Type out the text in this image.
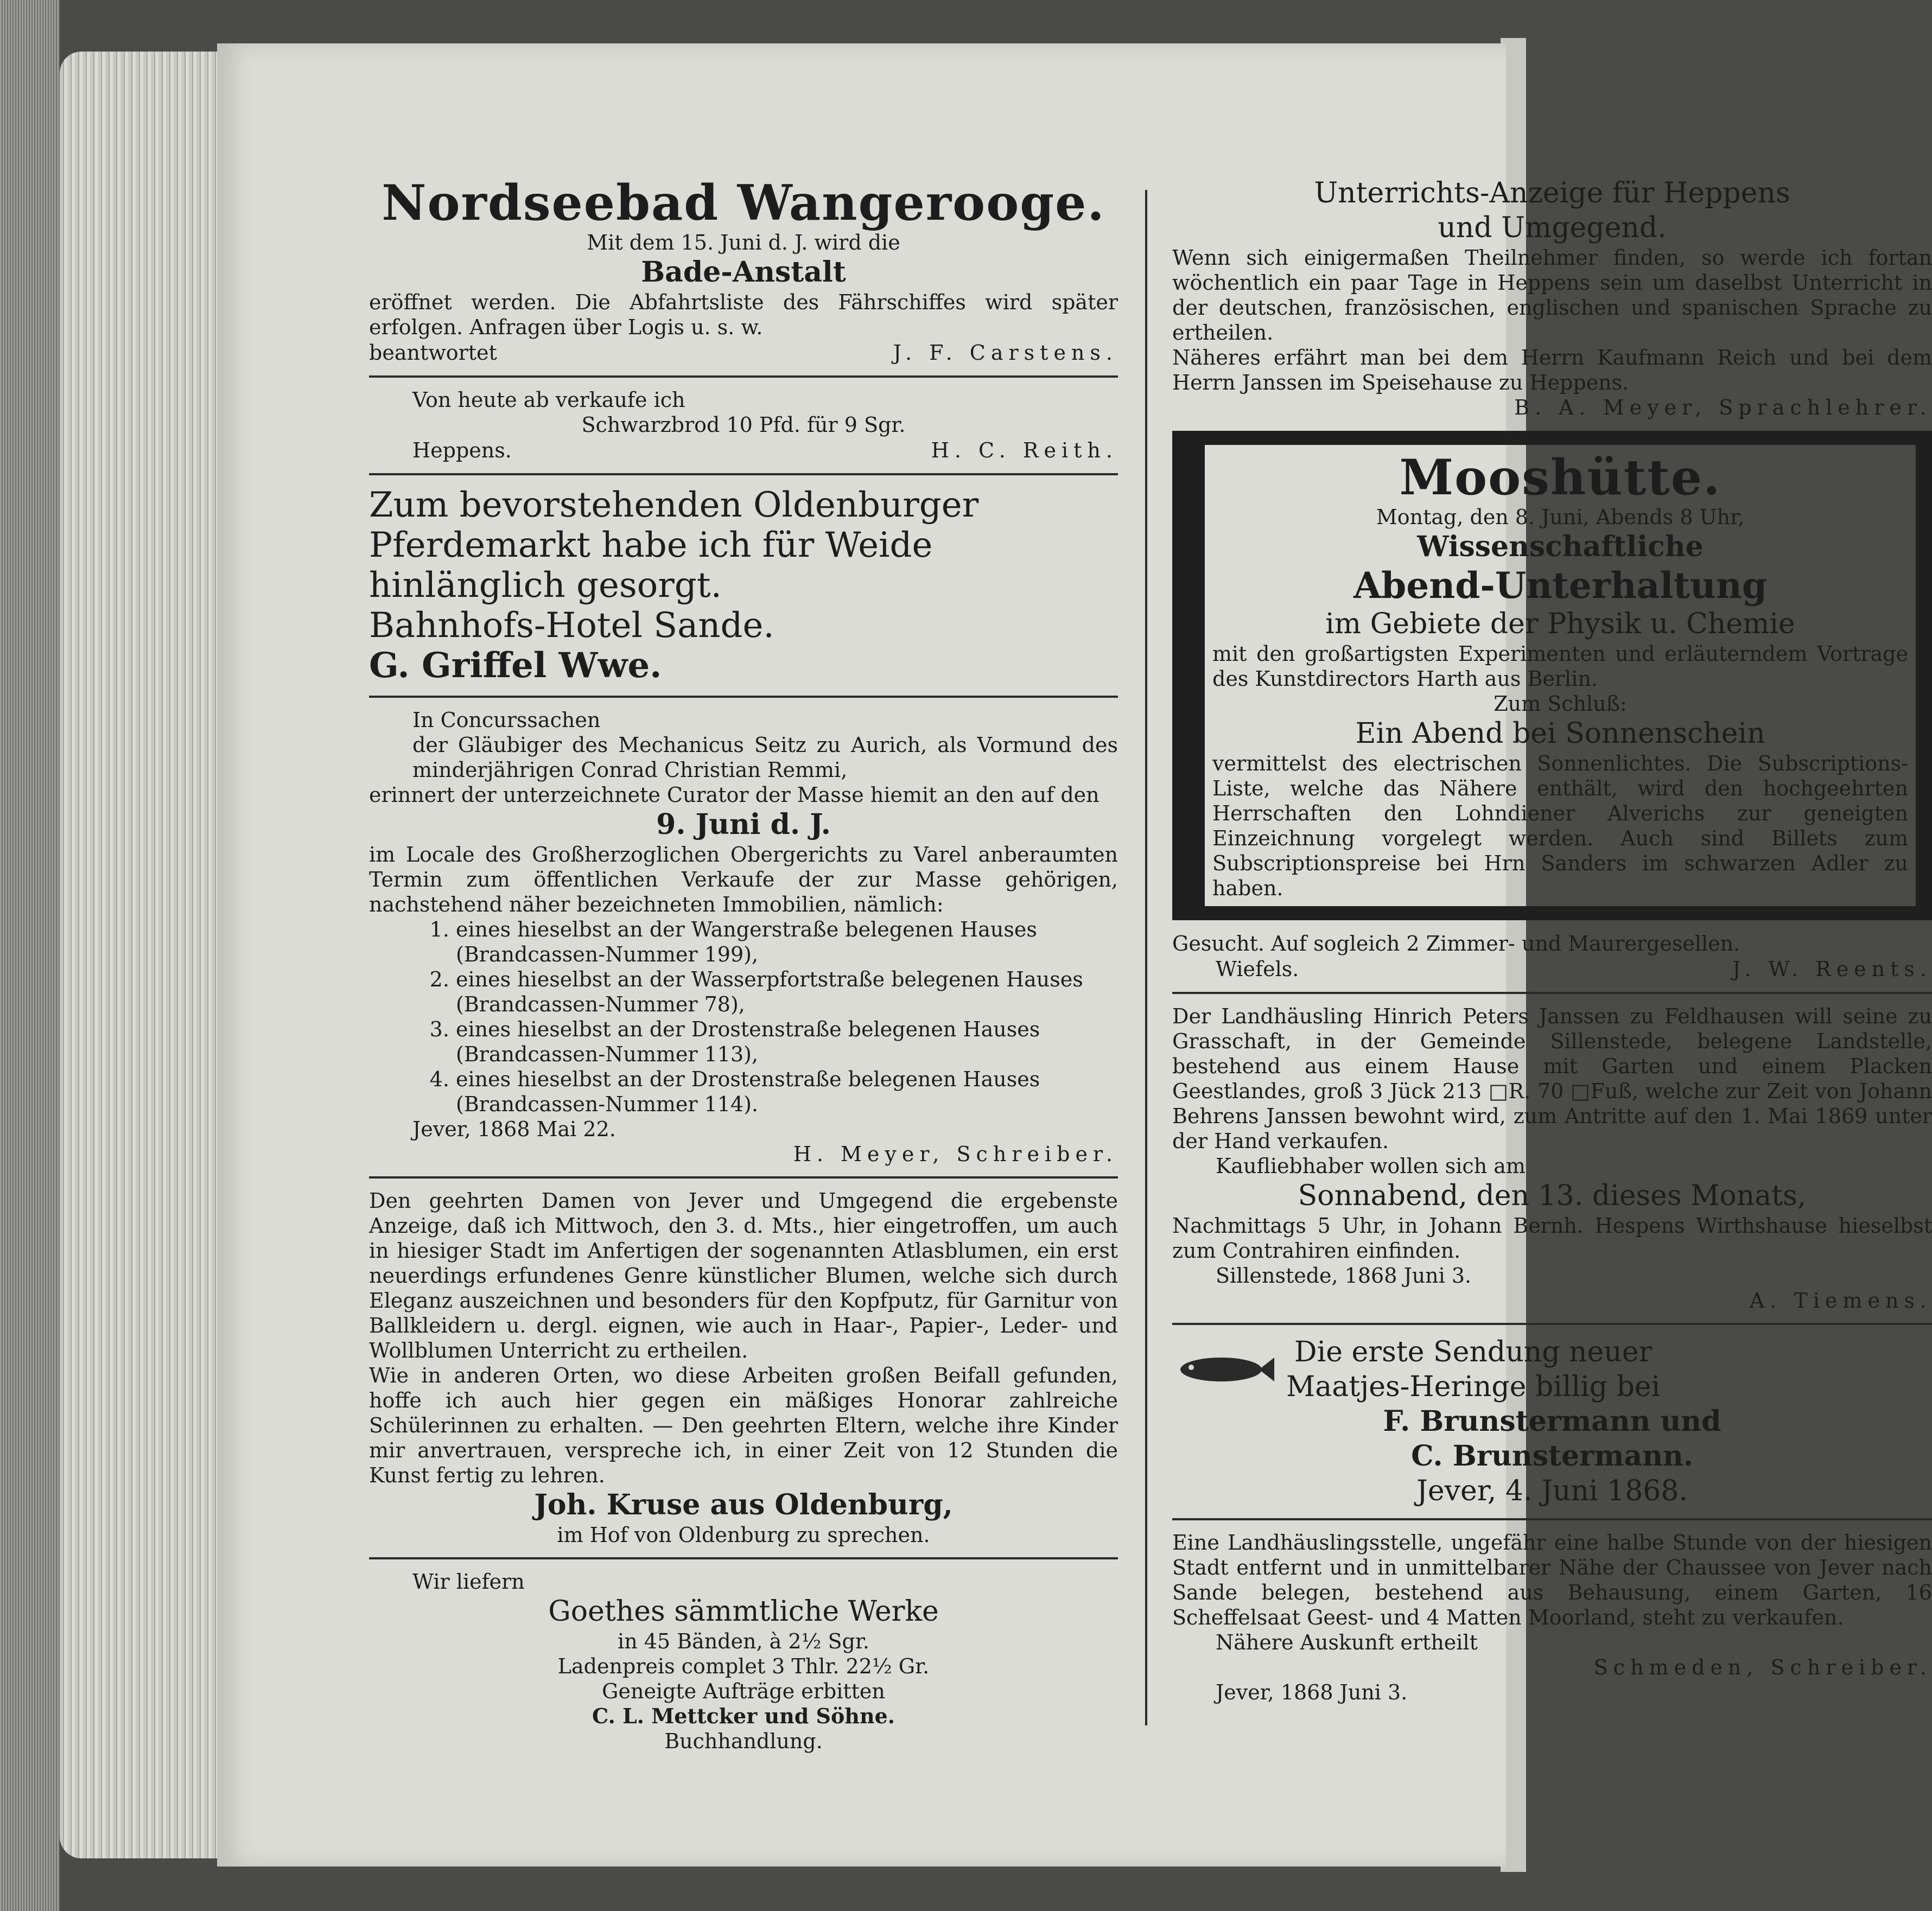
Nordseebad Wangerooge.

Mit dem 15. Juni d. J. wird die

Bade-Anstalt

eröffnet werden. Die Abfahrtsliste des Fährschiffes wird später erfolgen. Anfragen über Logis u. s. w.

beantwortet	J. F. Carstens.

Von heute ab verkaufe ich

Schwarzbrod 10 Pfd. für 9 Sgr.

Heppens.	H. C. Reith.

Zum bevorstehenden Oldenburger

Pferdemarkt habe ich für Weide

hinlänglich gesorgt.

Bahnhofs-Hotel Sande.

G. Griffel Wwe.

In Concurssachen

der Gläubiger des Mechanicus Seitz zu Aurich, als Vormund des minderjährigen Conrad Christian Remmi,

erinnert der unterzeichnete Curator der Masse hiemit an den auf den

9. Juni d. J.

im Locale des Großherzoglichen Obergerichts zu Varel anberaumten Termin zum öffentlichen Verkaufe der zur Masse gehörigen, nachstehend näher bezeichneten Immobilien, nämlich:

1. eines hieselbst an der Wangerstraße belegenen Hauses (Brandcassen-Nummer 199),
2. eines hieselbst an der Wasserpfortstraße belegenen Hauses (Brandcassen-Nummer 78),
3. eines hieselbst an der Drostenstraße belegenen Hauses (Brandcassen-Nummer 113),
4. eines hieselbst an der Drostenstraße belegenen Hauses (Brandcassen-Nummer 114).

Jever, 1868 Mai 22.

H. Meyer, Schreiber.

Den geehrten Damen von Jever und Umgegend die ergebenste Anzeige, daß ich Mittwoch, den 3. d. Mts., hier eingetroffen, um auch in hiesiger Stadt im Anfertigen der sogenannten Atlasblumen, ein erst neuerdings erfundenes Genre künstlicher Blumen, welche sich durch Eleganz auszeichnen und besonders für den Kopfputz, für Garnitur von Ballkleidern u. dergl. eignen, wie auch in Haar-, Papier-, Leder- und Wollblumen Unterricht zu ertheilen.

Wie in anderen Orten, wo diese Arbeiten großen Beifall gefunden, hoffe ich auch hier gegen ein mäßiges Honorar zahlreiche Schülerinnen zu erhalten. — Den geehrten Eltern, welche ihre Kinder mir anvertrauen, verspreche ich, in einer Zeit von 12 Stunden die Kunst fertig zu lehren.

Joh. Kruse aus Oldenburg,

im Hof von Oldenburg zu sprechen.

Wir liefern

Goethes sämmtliche Werke

in 45 Bänden, à 2½ Sgr.

Ladenpreis complet 3 Thlr. 22½ Gr.

Geneigte Aufträge erbitten

C. L. Mettcker und Söhne.

Buchhandlung.

Unterrichts-Anzeige für Heppens
und Umgegend.

Wenn sich einigermaßen Theilnehmer finden, so werde ich fortan wöchentlich ein paar Tage in Heppens sein um daselbst Unterricht in der deutschen, französischen, englischen und spanischen Sprache zu ertheilen.

Näheres erfährt man bei dem Herrn Kaufmann Reich und bei dem Herrn Janssen im Speisehause zu Heppens.

B. A. Meyer, Sprachlehrer.

Mooshütte.

Montag, den 8. Juni, Abends 8 Uhr,

Wissenschaftliche
Abend-Unterhaltung
im Gebiete der Physik u. Chemie

mit den großartigsten Experimenten und erläuterndem Vortrage des Kunstdirectors Harth aus Berlin.

Zum Schluß:

Ein Abend bei Sonnenschein

vermittelst des electrischen Sonnenlichtes. Die Subscriptions-Liste, welche das Nähere enthält, wird den hochgeehrten Herrschaften den Lohndiener Alverichs zur geneigten Einzeichnung vorgelegt werden. Auch sind Billets zum Subscriptionspreise bei Hrn Sanders im schwarzen Adler zu haben.

Gesucht. Auf sogleich 2 Zimmer- und Maurergesellen.

Wiefels.	J. W. Reents.

Der Landhäusling Hinrich Peters Janssen zu Feldhausen will seine zu Grasschaft, in der Gemeinde Sillenstede, belegene Landstelle, bestehend aus einem Hause mit Garten und einem Placken Geestlandes, groß 3 Jück 213 □R. 70 □Fuß, welche zur Zeit von Johann Behrens Janssen bewohnt wird, zum Antritte auf den 1. Mai 1869 unter der Hand verkaufen.

Kaufliebhaber wollen sich am

Sonnabend, den 13. dieses Monats,

Nachmittags 5 Uhr, in Johann Bernh. Hespens Wirthshause hieselbst zum Contrahiren einfinden.

Sillenstede, 1868 Juni 3.

A. Tiemens.

Die erste Sendung neuer
Maatjes-Heringe billig bei
F. Brunstermann und
C. Brunstermann.
Jever, 4. Juni 1868.

Eine Landhäuslingsstelle, ungefähr eine halbe Stunde von der hiesigen Stadt entfernt und in unmittelbarer Nähe der Chaussee von Jever nach Sande belegen, bestehend aus Behausung, einem Garten, 16 Scheffelsaat Geest- und 4 Matten Moorland, steht zu verkaufen.

Nähere Auskunft ertheilt

Schmeden, Schreiber.

Jever, 1868 Juni 3.
